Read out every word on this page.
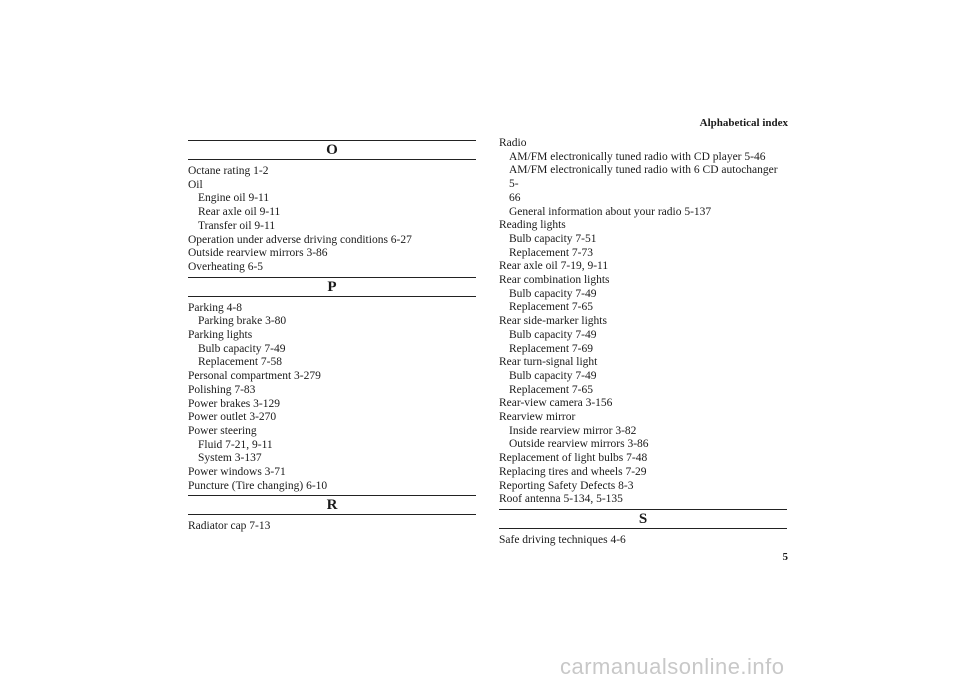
Alphabetical index
O
Octane rating 1-2
Oil
Engine oil 9-11
Rear axle oil 9-11
Transfer oil 9-11
Operation under adverse driving conditions 6-27
Outside rearview mirrors 3-86
Overheating 6-5
P
Parking 4-8
Parking brake 3-80
Parking lights
Bulb capacity 7-49
Replacement 7-58
Personal compartment 3-279
Polishing 7-83
Power brakes 3-129
Power outlet 3-270
Power steering
Fluid 7-21, 9-11
System 3-137
Power windows 3-71
Puncture (Tire changing) 6-10
R
Radiator cap 7-13
Radio
AM/FM electronically tuned radio with CD player 5-46
AM/FM electronically tuned radio with 6 CD autochanger 5-
66
General information about your radio 5-137
Reading lights
Bulb capacity 7-51
Replacement 7-73
Rear axle oil 7-19, 9-11
Rear combination lights
Bulb capacity 7-49
Replacement 7-65
Rear side-marker lights
Bulb capacity 7-49
Replacement 7-69
Rear turn-signal light
Bulb capacity 7-49
Replacement 7-65
Rear-view camera 3-156
Rearview mirror
Inside rearview mirror 3-82
Outside rearview mirrors 3-86
Replacement of light bulbs 7-48
Replacing tires and wheels 7-29
Reporting Safety Defects 8-3
Roof antenna 5-134, 5-135
S
Safe driving techniques 4-6
5
carmanualsonline.info
